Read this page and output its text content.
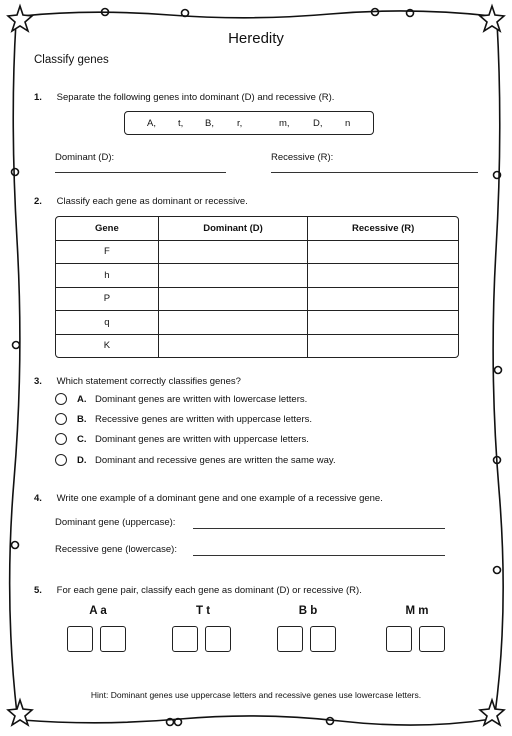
Heredity
Classify genes
1. Separate the following genes into dominant (D) and recessive (R).
A, t, B, r,	m, D, n
Dominant (D):	Recessive (R):
2. Classify each gene as dominant or recessive.
Gene	Dominant (D)	Recessive (R)
F		
h		
P		
q		
K		
3. Which statement correctly classifies genes?
A. Dominant genes are written with lowercase letters.
B. Recessive genes are written with uppercase letters.
C. Dominant genes are written with uppercase letters.
D. Dominant and recessive genes are written the same way.
4. Write one example of a dominant gene and one example of a recessive gene.
Dominant gene (uppercase):
Recessive gene (lowercase):
5. For each gene pair, classify each gene as dominant (D) or recessive (R).
A a	T t	B b	M m
Hint: Dominant genes use uppercase letters and recessive genes use lowercase letters.
